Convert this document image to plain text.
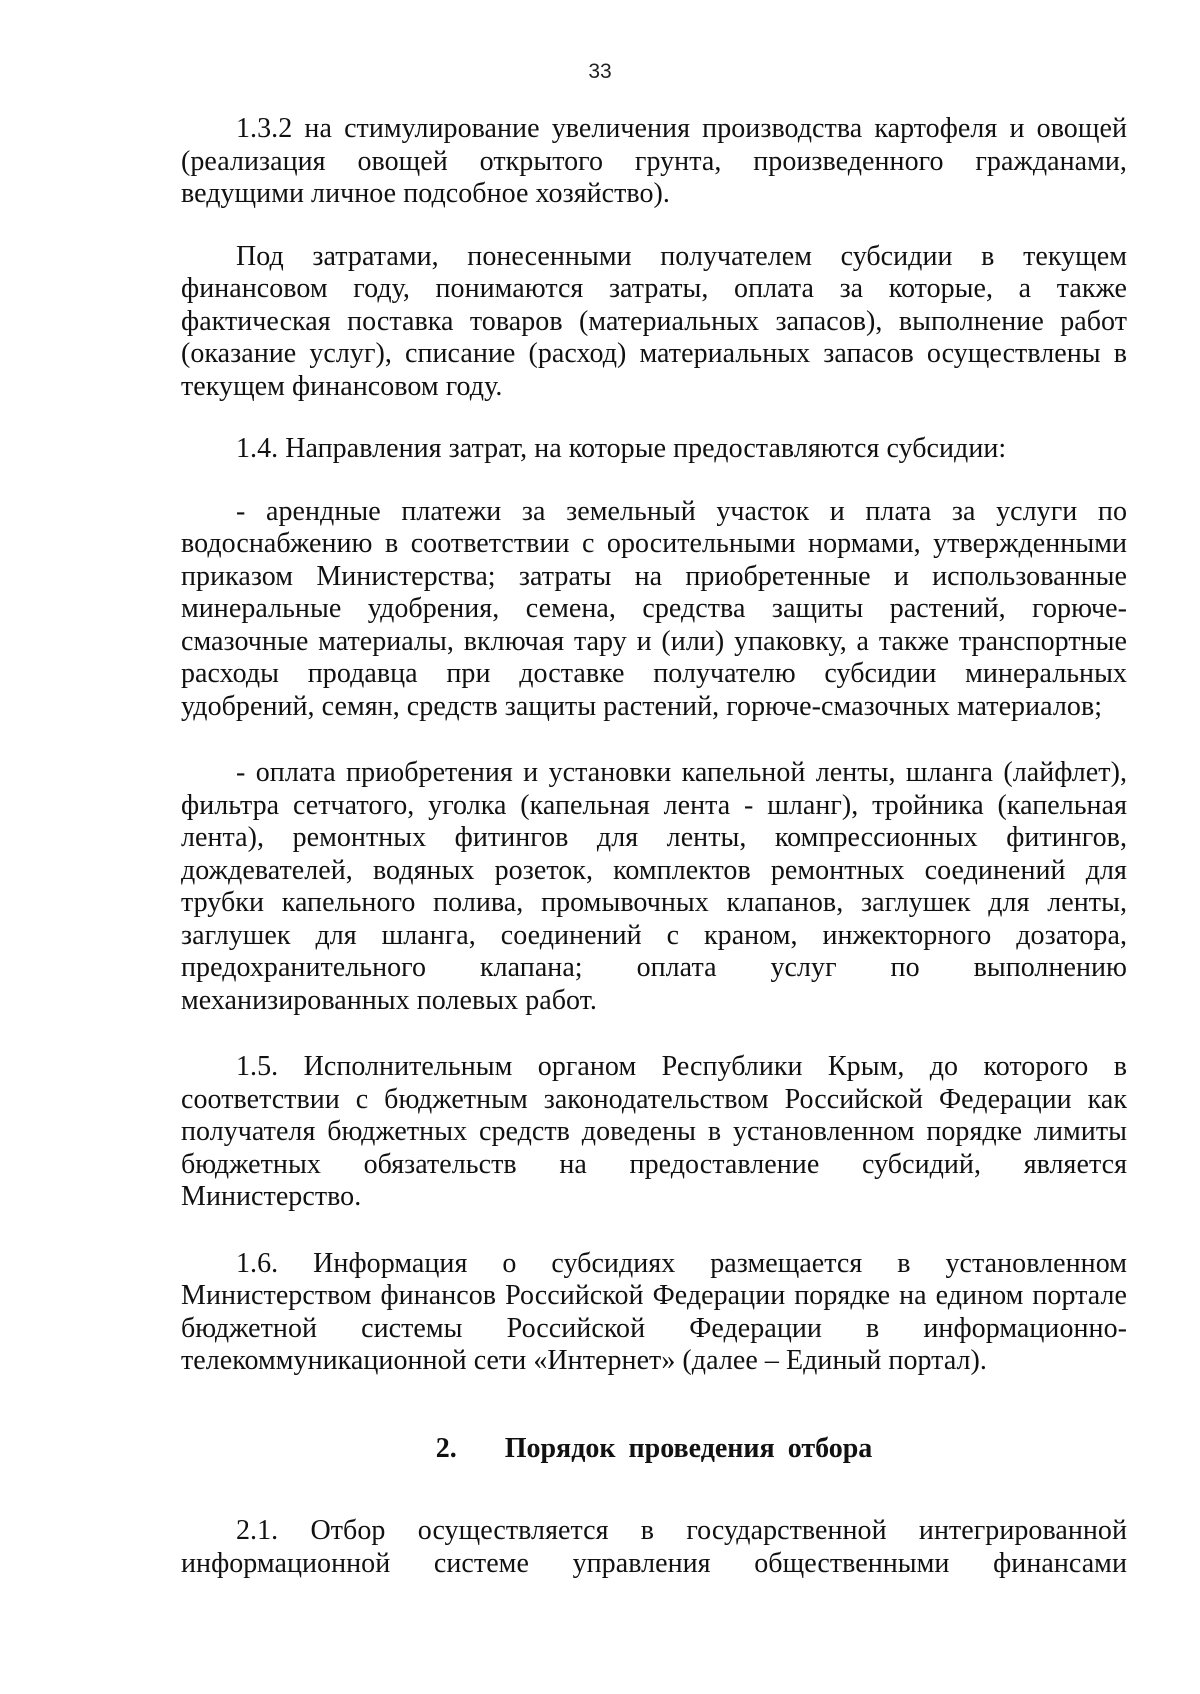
33

1.3.2 на стимулирование увеличения производства картофеля и овощей (реализация овощей открытого грунта, произведенного гражданами, ведущими личное подсобное хозяйство).

Под затратами, понесенными получателем субсидии в текущем финансовом году, понимаются затраты, оплата за которые, а также фактическая поставка товаров (материальных запасов), выполнение работ (оказание услуг), списание (расход) материальных запасов осуществлены в текущем финансовом году.

1.4. Направления затрат, на которые предоставляются субсидии:

- арендные платежи за земельный участок и плата за услуги по водоснабжению в соответствии с оросительными нормами, утвержденными приказом Министерства; затраты на приобретенные и использованные минеральные удобрения, семена, средства защиты растений, горюче-смазочные материалы, включая тару и (или) упаковку, а также транспортные расходы продавца при доставке получателю субсидии минеральных удобрений, семян, средств защиты растений, горюче-смазочных материалов;

- оплата приобретения и установки капельной ленты, шланга (лайфлет), фильтра сетчатого, уголка (капельная лента - шланг), тройника (капельная лента), ремонтных фитингов для ленты, компрессионных фитингов, дождевателей, водяных розеток, комплектов ремонтных соединений для трубки капельного полива, промывочных клапанов, заглушек для ленты, заглушек для шланга, соединений с краном, инжекторного дозатора, предохранительного клапана; оплата услуг по выполнению механизированных полевых работ.

1.5. Исполнительным органом Республики Крым, до которого в соответствии с бюджетным законодательством Российской Федерации как получателя бюджетных средств доведены в установленном порядке лимиты бюджетных обязательств на предоставление субсидий, является Министерство.

1.6. Информация о субсидиях размещается в установленном Министерством финансов Российской Федерации порядке на едином портале бюджетной системы Российской Федерации в информационно-телекоммуникационной сети «Интернет» (далее – Единый портал).

2. Порядок проведения отбора

2.1. Отбор осуществляется в государственной интегрированной информационной системе управления общественными финансами
